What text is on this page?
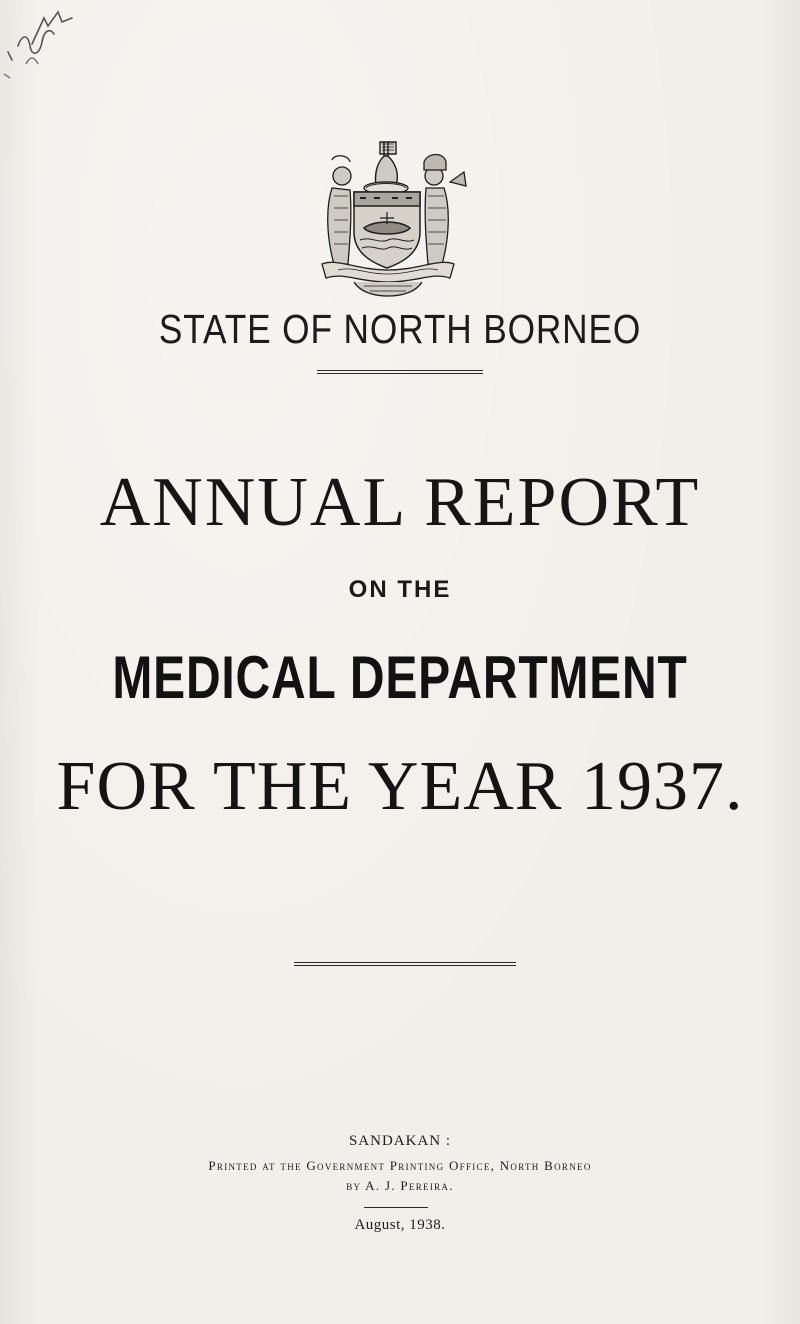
STATE OF NORTH BORNEO
ANNUAL REPORT
ON THE
MEDICAL DEPARTMENT
FOR THE YEAR 1937.
SANDAKAN :
Printed at the Government Printing Office, North Borneo
by A. J. Pereira.
August, 1938.
